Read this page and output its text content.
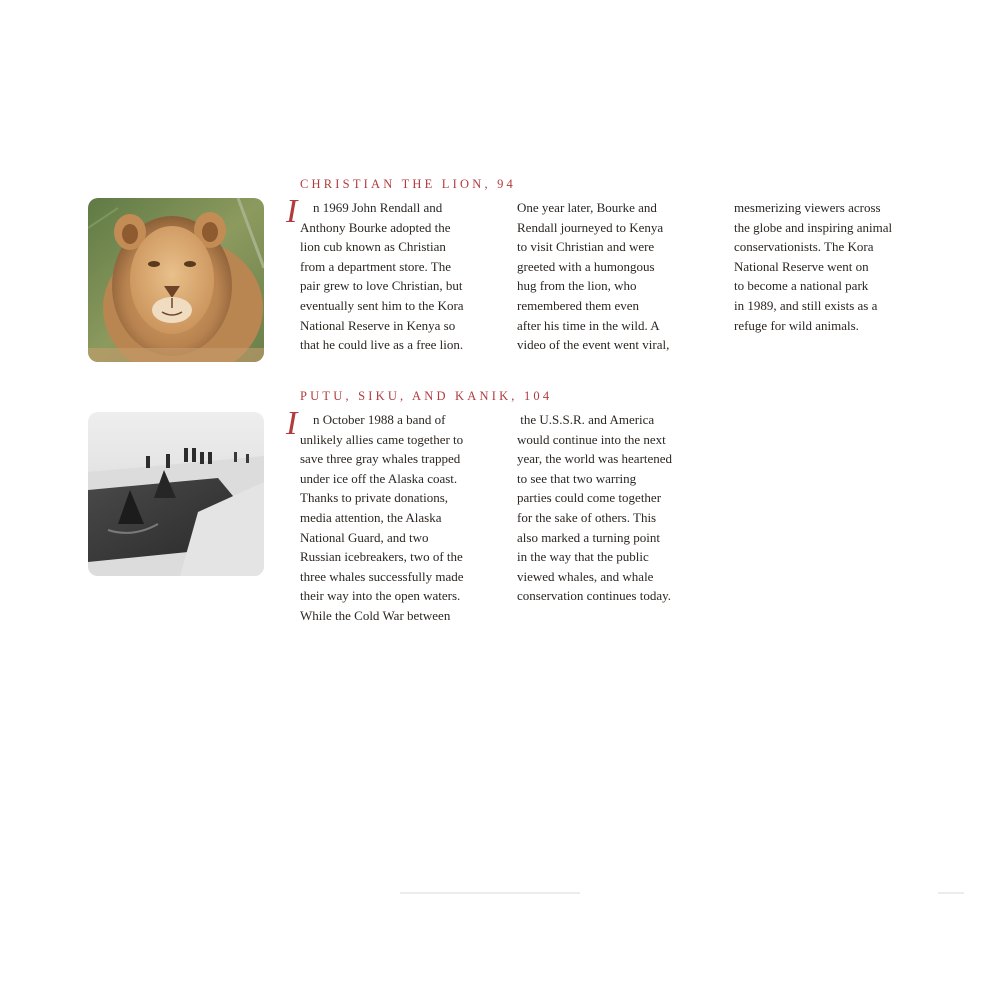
CHRISTIAN THE LION, 94
I	n 1969 John Rendall and
Anthony Bourke adopted the
lion cub known as Christian
from a department store. The
pair grew to love Christian, but
eventually sent him to the Kora
National Reserve in Kenya so
that he could live as a free lion.
One year later, Bourke and
Rendall journeyed to Kenya
to visit Christian and were
greeted with a humongous
hug from the lion, who
remembered them even
after his time in the wild. A
video of the event went viral,
mesmerizing viewers across
the globe and inspiring animal
conservationists. The Kora
National Reserve went on
to become a national park
in 1989, and still exists as a
refuge for wild animals.
PUTU, SIKU, AND KANIK, 104
I	n October 1988 a band of
unlikely allies came together to
save three gray whales trapped
under ice off the Alaska coast.
Thanks to private donations,
media attention, the Alaska
National Guard, and two
Russian icebreakers, two of the
three whales successfully made
their way into the open waters.
While the Cold War between
the U.S.S.R. and America
would continue into the next
year, the world was heartened
to see that two warring
parties could come together
for the sake of others. This
also marked a turning point
in the way that the public
viewed whales, and whale
conservation continues today.
